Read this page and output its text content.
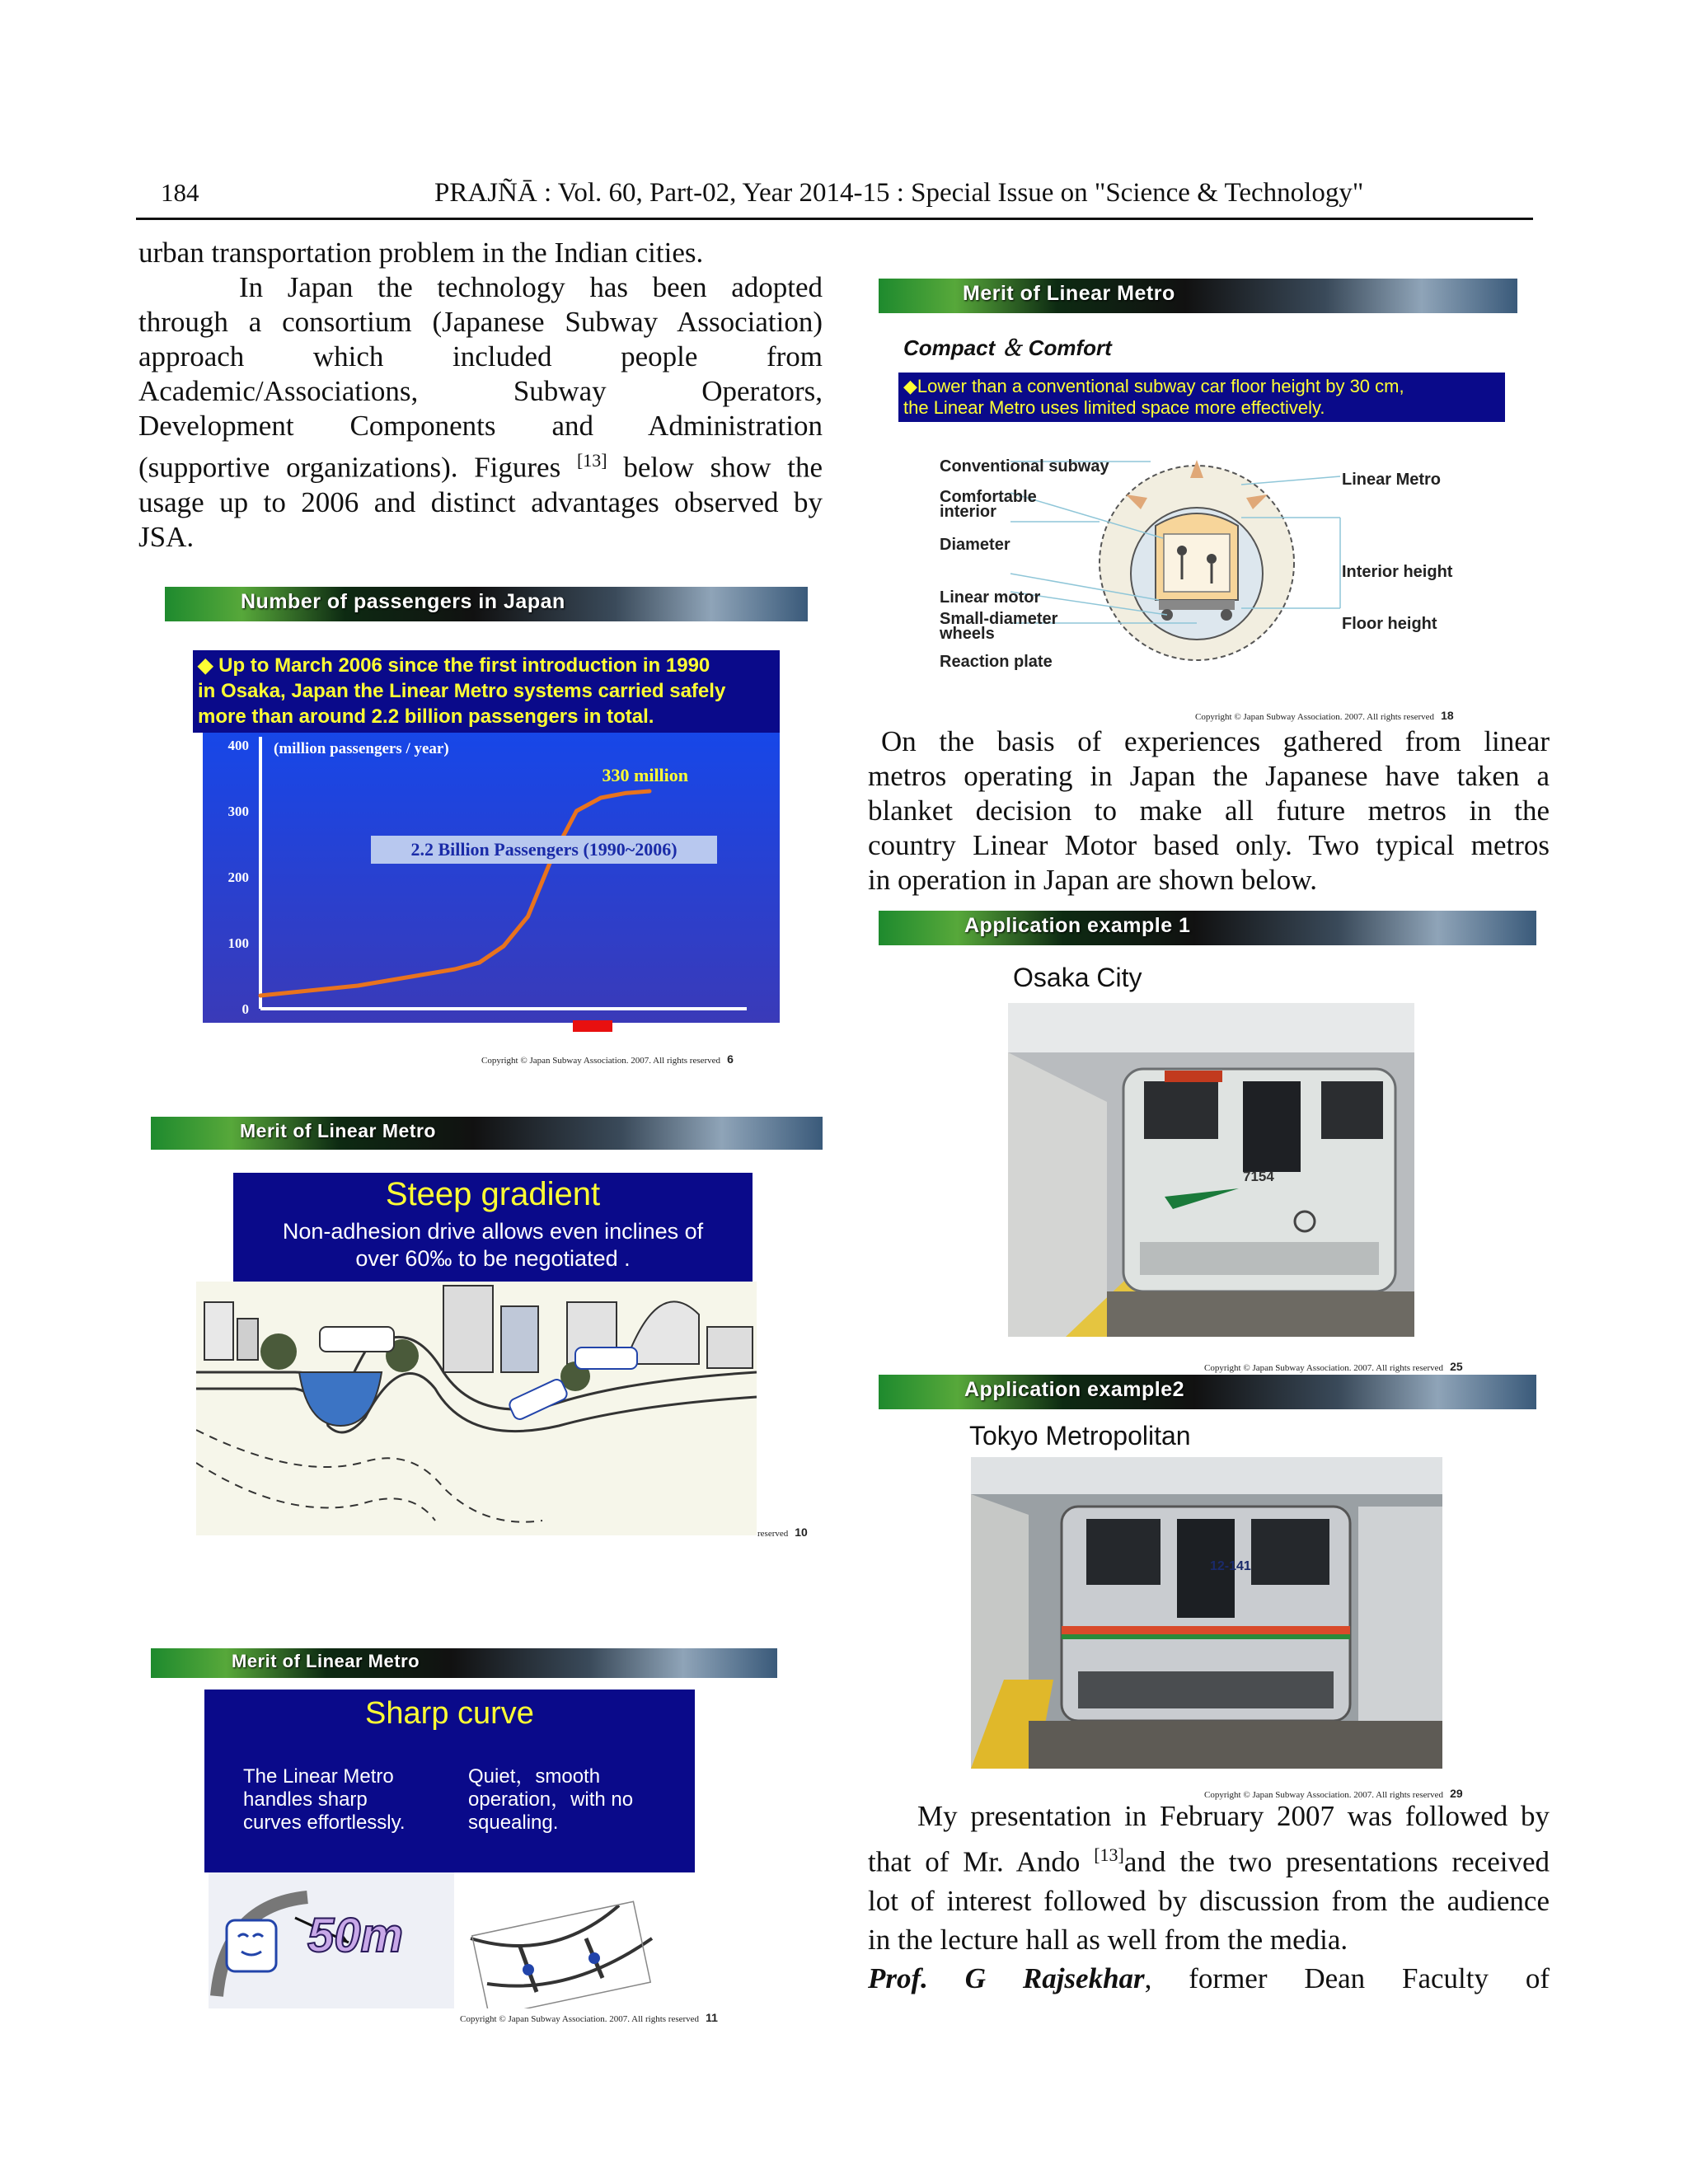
184	PRAJÑĀ : Vol. 60, Part-02, Year 2014-15 : Special Issue on "Science & Technology"
urban transportation problem in the Indian cities.
In Japan the technology has been adopted
through a consortium (Japanese Subway Association)
approach which included people from
Academic/Associations, Subway Operators,
Development Components and Administration
(supportive organizations). Figures [13] below show the
usage up to 2006 and distinct advantages observed by
JSA.
Number of passengers in Japan
◆ Up to March 2006 since the first introduction in 1990
in Osaka, Japan the Linear Metro systems carried safely
more than around 2.2 billion passengers in total.
400
300
200
100
0
(million passengers / year)
330 million
2.2 Billion Passengers (1990~2006)
Copyright © Japan Subway Association. 2007. All rights reserved 6
Merit of Linear Metro
Steep gradient
Non-adhesion drive allows even inclines of
over 60‰ to be negotiated .
reserved 10
Merit of Linear Metro
Sharp curve
The Linear Metro
handles sharp
curves effortlessly.
Quiet，smooth
operation，with no
squealing.
50m
Copyright © Japan Subway Association. 2007. All rights reserved 11
Merit of Linear Metro
Compact ＆ Comfort
◆Lower than a conventional subway car floor height by 30 cm,
the Linear Metro uses limited space more effectively.
Conventional subway
Comfortable
interior
Diameter
Linear motor
Small-diameter
wheels
Reaction plate
Linear Metro
Interior height
Floor height
Copyright © Japan Subway Association. 2007. All rights reserved 18
On the basis of experiences gathered from linear
metros operating in Japan the Japanese have taken a
blanket decision to make all future metros in the
country Linear Motor based only. Two typical metros
in operation in Japan are shown below.
Application example 1
Osaka City
7154
Copyright © Japan Subway Association. 2007. All rights reserved 25
Application example2
Tokyo Metropolitan
12-141
Copyright © Japan Subway Association. 2007. All rights reserved 29
My presentation in February 2007 was followed by
that of Mr. Ando [13]and the two presentations received
lot of interest followed by discussion from the audience
in the lecture hall as well from the media.
Prof. G Rajsekhar, former Dean Faculty of
